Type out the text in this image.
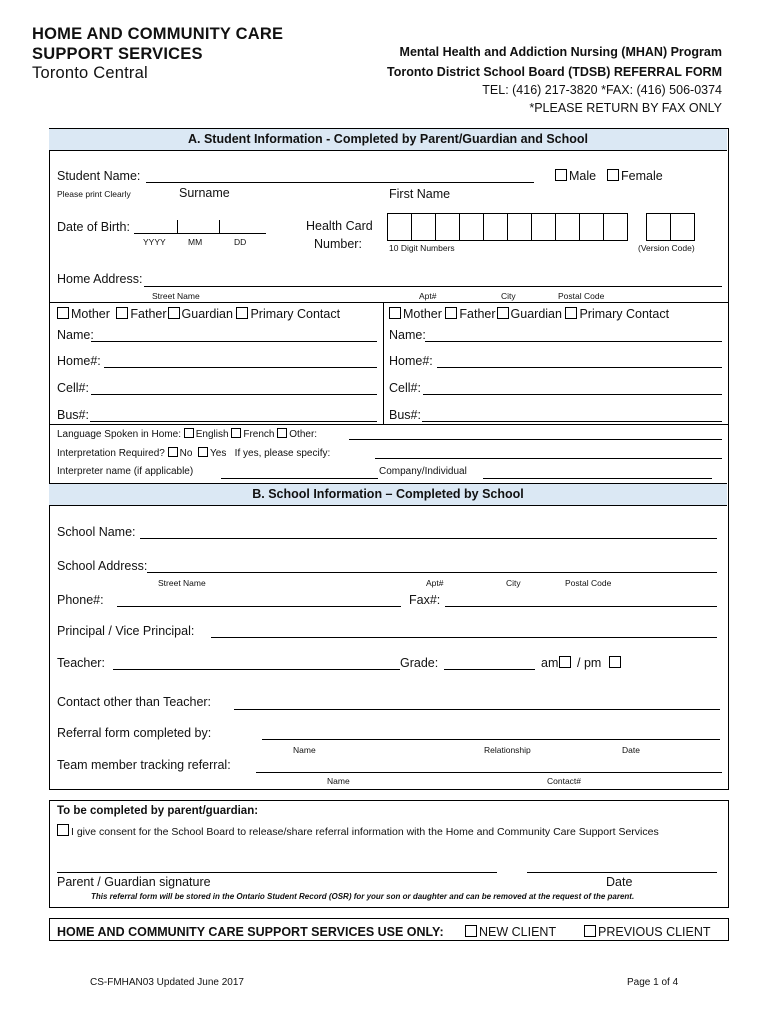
HOME AND COMMUNITY CARE
SUPPORT SERVICES
Toronto Central
Mental Health and Addiction Nursing (MHAN) Program
Toronto District School Board (TDSB) REFERRAL FORM
TEL: (416) 217-3820 *FAX: (416) 506-0374
*PLEASE RETURN BY FAX ONLY
A. Student Information - Completed by Parent/Guardian and School
Student Name:	Male	Female
Please print Clearly	Surname	First Name
Date of Birth:
YYYY	MM	DD
Health Card
Number:	10 Digit Numbers	(Version Code)
Home Address:
Street Name	Apt#	City	Postal Code
Mother Father Guardian Primary Contact	Mother Father Guardian Primary Contact
Name:	Name:
Home#:	Home#:
Cell#:	Cell#:
Bus#:	Bus#:
Language Spoken in Home: English French Other:
Interpretation Required? No Yes If yes, please specify:
Interpreter name (if applicable)	Company/Individual
B. School Information – Completed by School
School Name:
School Address:
Street Name	Apt#	City	Postal Code
Phone#:	Fax#:
Principal / Vice Principal:
Teacher:	Grade:	am	/ pm
Contact other than Teacher:
Referral form completed by:
Name	Relationship	Date
Team member tracking referral:
Name	Contact#
To be completed by parent/guardian:
I give consent for the School Board to release/share referral information with the Home and Community Care Support Services
Parent / Guardian signature	Date
This referral form will be stored in the Ontario Student Record (OSR) for your son or daughter and can be removed at the request of the parent.
HOME AND COMMUNITY CARE SUPPORT SERVICES USE ONLY:	NEW CLIENT	PREVIOUS CLIENT
CS-FMHAN03 Updated June 2017	Page 1 of 4
